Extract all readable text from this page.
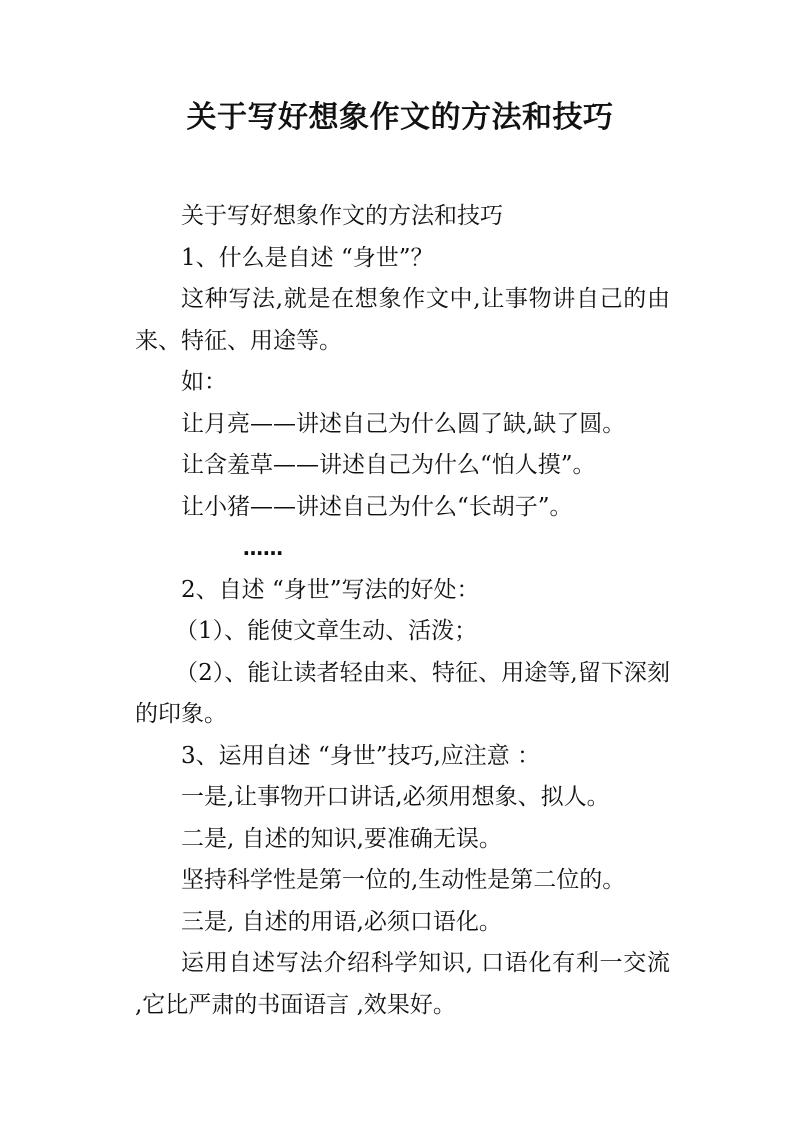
关于写好想象作文的方法和技巧

关于写好想象作文的方法和技巧

1、什么是自述 “身世”？

这种写法,就是在想象作文中,让事物讲自己的由来、特征、用途等。

如：

让月亮——讲述自己为什么圆了缺,缺了圆。

让含羞草——讲述自己为什么“怕人摸”。

让小猪——讲述自己为什么“长胡子”。

……

2、自述 “身世”写法的好处：

（1）、能使文章生动、活泼；

（2）、能让读者轻由来、特征、用途等,留下深刻的印象。

3、运用自述 “身世”技巧,应注意 ：

一是,让事物开口讲话,必须用想象、拟人。

二是, 自述的知识,要准确无误。

坚持科学性是第一位的,生动性是第二位的。

三是, 自述的用语,必须口语化。

运用自述写法介绍科学知识, 口语化有利一交流 ,它比严肃的书面语言 ,效果好。
